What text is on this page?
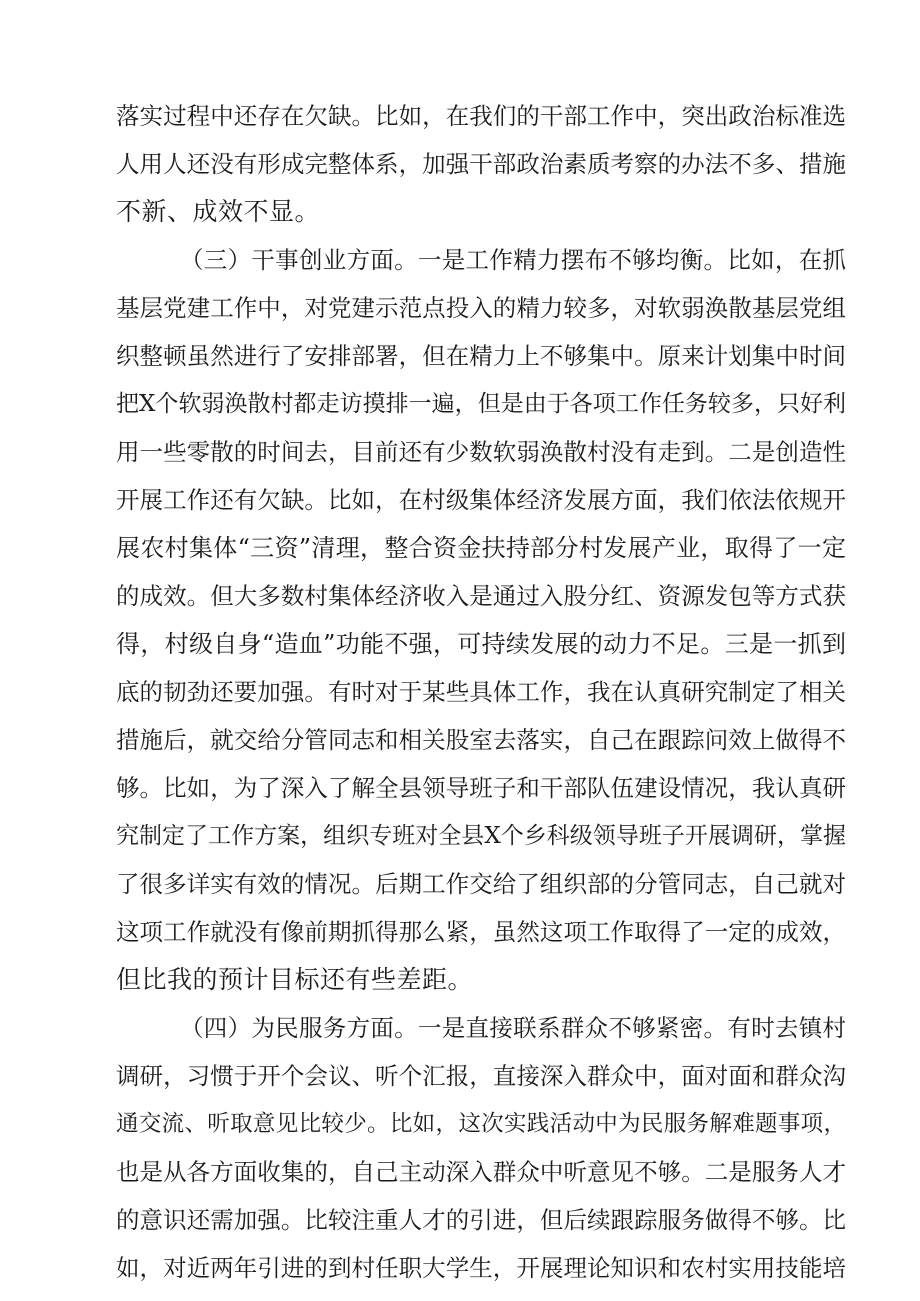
落实过程中还存在欠缺。比如，在我们的干部工作中，突出政治标准选
人用人还没有形成完整体系，加强干部政治素质考察的办法不多、措施
不新、成效不显。
（三）干事创业方面。一是工作精力摆布不够均衡。比如，在抓
基层党建工作中，对党建示范点投入的精力较多，对软弱涣散基层党组
织整顿虽然进行了安排部署，但在精力上不够集中。原来计划集中时间
把X个软弱涣散村都走访摸排一遍，但是由于各项工作任务较多，只好利
用一些零散的时间去，目前还有少数软弱涣散村没有走到。二是创造性
开展工作还有欠缺。比如，在村级集体经济发展方面，我们依法依规开
展农村集体“三资”清理，整合资金扶持部分村发展产业，取得了一定
的成效。但大多数村集体经济收入是通过入股分红、资源发包等方式获
得，村级自身“造血”功能不强，可持续发展的动力不足。三是一抓到
底的韧劲还要加强。有时对于某些具体工作，我在认真研究制定了相关
措施后，就交给分管同志和相关股室去落实，自己在跟踪问效上做得不
够。比如，为了深入了解全县领导班子和干部队伍建设情况，我认真研
究制定了工作方案，组织专班对全县X个乡科级领导班子开展调研，掌握
了很多详实有效的情况。后期工作交给了组织部的分管同志，自己就对
这项工作就没有像前期抓得那么紧，虽然这项工作取得了一定的成效，
但比我的预计目标还有些差距。
（四）为民服务方面。一是直接联系群众不够紧密。有时去镇村
调研，习惯于开个会议、听个汇报，直接深入群众中，面对面和群众沟
通交流、听取意见比较少。比如，这次实践活动中为民服务解难题事项，
也是从各方面收集的，自己主动深入群众中听意见不够。二是服务人才
的意识还需加强。比较注重人才的引进，但后续跟踪服务做得不够。比
如，对近两年引进的到村任职大学生，开展理论知识和农村实用技能培
